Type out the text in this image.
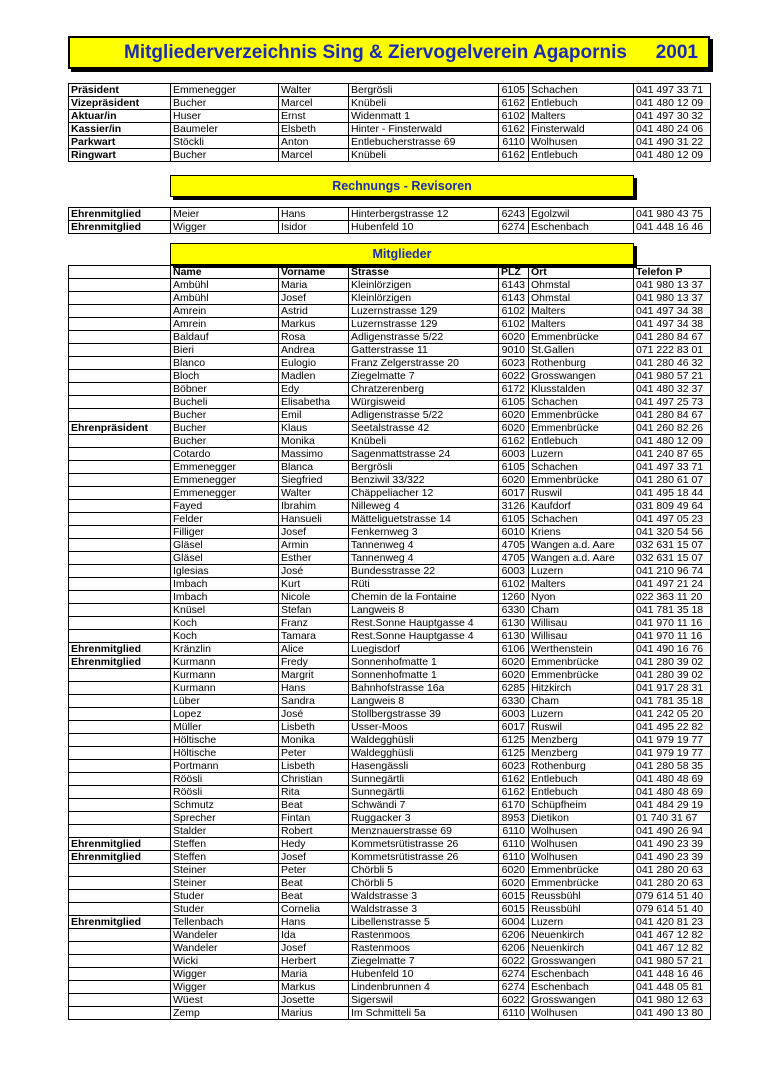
Mitgliederverzeichnis Sing & Ziervogelverein Agapornis 2001
Präsident	Emmenegger	Walter	Bergrösli	6105	Schachen	041 497 33 71
Vizepräsident	Bucher	Marcel	Knübeli	6162	Entlebuch	041 480 12 09
Aktuar/in	Huser	Ernst	Widenmatt 1	6102	Malters	041 497 30 32
Kassier/in	Baumeler	Elsbeth	Hinter - Finsterwald	6162	Finsterwald	041 480 24 06
Parkwart	Stöckli	Anton	Entlebucherstrasse 69	6110	Wolhusen	041 490 31 22
Ringwart	Bucher	Marcel	Knübeli	6162	Entlebuch	041 480 12 09
Rechnungs - Revisoren
Ehrenmitglied	Meier	Hans	Hinterbergstrasse 12	6243	Egolzwil	041 980 43 75
Ehrenmitglied	Wigger	Isidor	Hubenfeld 10	6274	Eschenbach	041 448 16 46
Mitglieder
	Name	Vorname	Strasse	PLZ	Ort	Telefon P
	Ambühl	Maria	Kleinlörzigen	6143	Ohmstal	041 980 13 37
	Ambühl	Josef	Kleinlörzigen	6143	Ohmstal	041 980 13 37
	Amrein	Astrid	Luzernstrasse 129	6102	Malters	041 497 34 38
	Amrein	Markus	Luzernstrasse 129	6102	Malters	041 497 34 38
	Baldauf	Rosa	Adligenstrasse 5/22	6020	Emmenbrücke	041 280 84 67
	Bieri	Andrea	Gatterstrasse 11	9010	St.Gallen	071 222 83 01
	Blanco	Eulogio	Franz Zelgerstrasse 20	6023	Rothenburg	041 280 46 32
	Bloch	Madlen	Ziegelmatte 7	6022	Grosswangen	041 980 57 21
	Böbner	Edy	Chratzerenberg	6172	Klusstalden	041 480 32 37
	Bucheli	Elisabetha	Würgisweid	6105	Schachen	041 497 25 73
	Bucher	Emil	Adligenstrasse 5/22	6020	Emmenbrücke	041 280 84 67
Ehrenpräsident	Bucher	Klaus	Seetalstrasse 42	6020	Emmenbrücke	041 260 82 26
	Bucher	Monika	Knübeli	6162	Entlebuch	041 480 12 09
	Cotardo	Massimo	Sagenmattstrasse 24	6003	Luzern	041 240 87 65
	Emmenegger	Blanca	Bergrösli	6105	Schachen	041 497 33 71
	Emmenegger	Siegfried	Benziwil 33/322	6020	Emmenbrücke	041 280 61 07
	Emmenegger	Walter	Chäppeliacher 12	6017	Ruswil	041 495 18 44
	Fayed	Ibrahim	Nilleweg 4	3126	Kaufdorf	031 809 49 64
	Felder	Hansueli	Mätteliguetstrasse 14	6105	Schachen	041 497 05 23
	Filliger	Josef	Fenkernweg 3	6010	Kriens	041 320 54 56
	Gläsel	Armin	Tannenweg 4	4705	Wangen a.d. Aare	032 631 15 07
	Gläsel	Esther	Tannenweg 4	4705	Wangen a.d. Aare	032 631 15 07
	Iglesias	José	Bundesstrasse 22	6003	Luzern	041 210 96 74
	Imbach	Kurt	Rüti	6102	Malters	041 497 21 24
	Imbach	Nicole	Chemin de la Fontaine	1260	Nyon	022 363 11 20
	Knüsel	Stefan	Langweis 8	6330	Cham	041 781 35 18
	Koch	Franz	Rest.Sonne Hauptgasse 4	6130	Willisau	041 970 11 16
	Koch	Tamara	Rest.Sonne Hauptgasse 4	6130	Willisau	041 970 11 16
Ehrenmitglied	Kränzlin	Alice	Luegisdorf	6106	Werthenstein	041 490 16 76
Ehrenmitglied	Kurmann	Fredy	Sonnenhofmatte 1	6020	Emmenbrücke	041 280 39 02
	Kurmann	Margrit	Sonnenhofmatte 1	6020	Emmenbrücke	041 280 39 02
	Kurmann	Hans	Bahnhofstrasse 16a	6285	Hitzkirch	041 917 28 31
	Lüber	Sandra	Langweis 8	6330	Cham	041 781 35 18
	Lopez	José	Stollbergstrasse 39	6003	Luzern	041 242 05 20
	Müller	Lisbeth	Usser-Moos	6017	Ruswil	041 495 22 82
	Höltische	Monika	Waldegghüsli	6125	Menzberg	041 979 19 77
	Höltische	Peter	Waldegghüsli	6125	Menzberg	041 979 19 77
	Portmann	Lisbeth	Hasengässli	6023	Rothenburg	041 280 58 35
	Röösli	Christian	Sunnegärtli	6162	Entlebuch	041 480 48 69
	Röösli	Rita	Sunnegärtli	6162	Entlebuch	041 480 48 69
	Schmutz	Beat	Schwändi 7	6170	Schüpfheim	041 484 29 19
	Sprecher	Fintan	Ruggacker 3	8953	Dietikon	01 740 31 67
	Stalder	Robert	Menznauerstrasse 69	6110	Wolhusen	041 490 26 94
Ehrenmitglied	Steffen	Hedy	Kommetsrütistrasse 26	6110	Wolhusen	041 490 23 39
Ehrenmitglied	Steffen	Josef	Kommetsrütistrasse 26	6110	Wolhusen	041 490 23 39
	Steiner	Peter	Chörbli 5	6020	Emmenbrücke	041 280 20 63
	Steiner	Beat	Chörbli 5	6020	Emmenbrücke	041 280 20 63
	Studer	Beat	Waldstrasse 3	6015	Reussbühl	079 614 51 40
	Studer	Cornelia	Waldstrasse 3	6015	Reussbühl	079 614 51 40
Ehrenmitglied	Tellenbach	Hans	Libellenstrasse 5	6004	Luzern	041 420 81 23
	Wandeler	Ida	Rastenmoos	6206	Neuenkirch	041 467 12 82
	Wandeler	Josef	Rastenmoos	6206	Neuenkirch	041 467 12 82
	Wicki	Herbert	Ziegelmatte 7	6022	Grosswangen	041 980 57 21
	Wigger	Maria	Hubenfeld 10	6274	Eschenbach	041 448 16 46
	Wigger	Markus	Lindenbrunnen 4	6274	Eschenbach	041 448 05 81
	Wüest	Josette	Sigerswil	6022	Grosswangen	041 980 12 63
	Zemp	Marius	Im Schmitteli 5a	6110	Wolhusen	041 490 13 80
